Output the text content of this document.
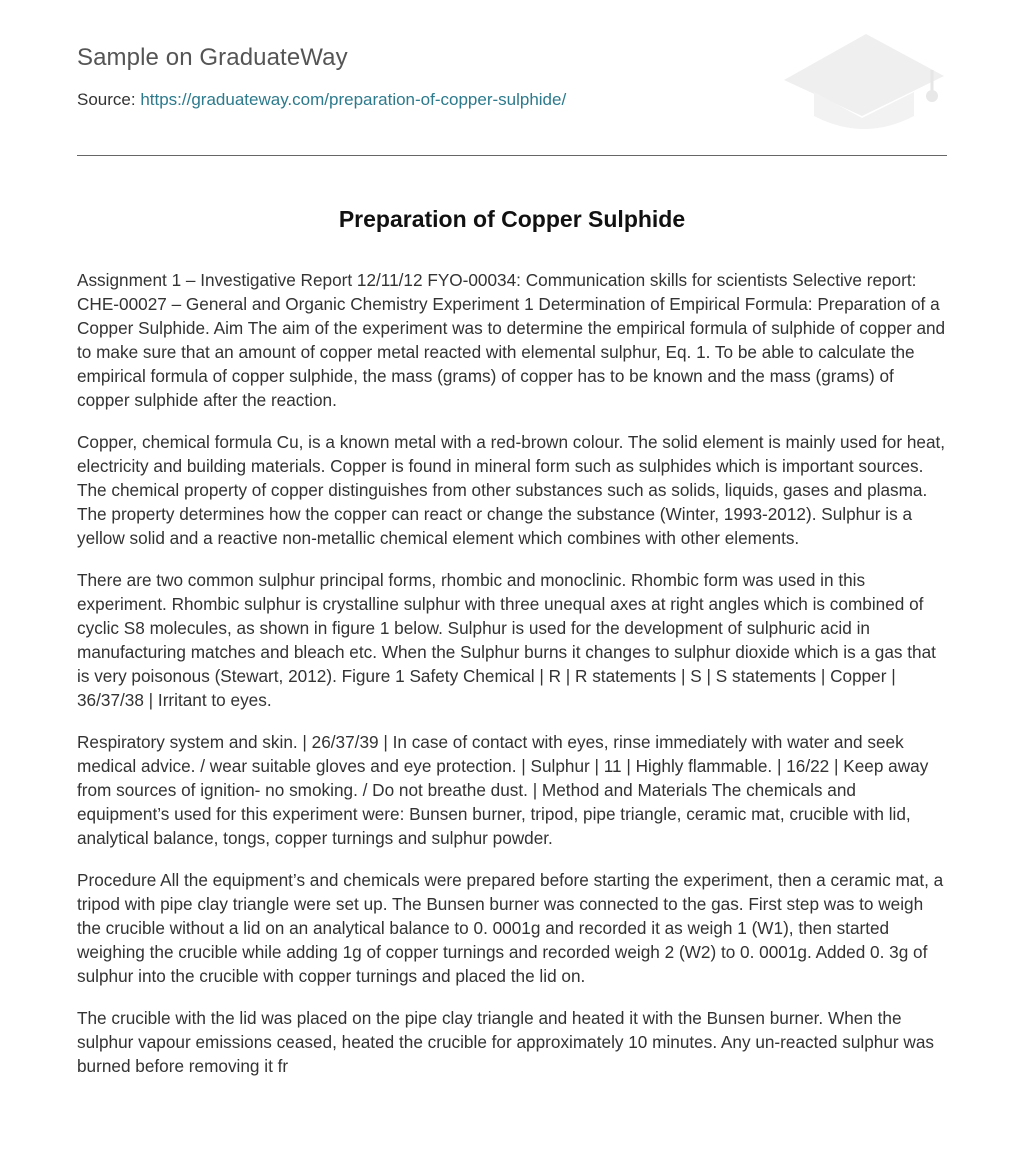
Sample on GraduateWay
Source: https://graduateway.com/preparation-of-copper-sulphide/
Preparation of Copper Sulphide

Assignment 1 – Investigative Report 12/11/12 FYO-00034: Communication skills for scientists Selective report: CHE-00027 – General and Organic Chemistry Experiment 1 Determination of Empirical Formula: Preparation of a Copper Sulphide. Aim The aim of the experiment was to determine the empirical formula of sulphide of copper and to make sure that an amount of copper metal reacted with elemental sulphur, Eq. 1. To be able to calculate the empirical formula of copper sulphide, the mass (grams) of copper has to be known and the mass (grams) of copper sulphide after the reaction.

Copper, chemical formula Cu, is a known metal with a red-brown colour. The solid element is mainly used for heat, electricity and building materials. Copper is found in mineral form such as sulphides which is important sources. The chemical property of copper distinguishes from other substances such as solids, liquids, gases and plasma. The property determines how the copper can react or change the substance (Winter, 1993-2012). Sulphur is a yellow solid and a reactive non-metallic chemical element which combines with other elements.

There are two common sulphur principal forms, rhombic and monoclinic. Rhombic form was used in this experiment. Rhombic sulphur is crystalline sulphur with three unequal axes at right angles which is combined of cyclic S8 molecules, as shown in figure 1 below. Sulphur is used for the development of sulphuric acid in manufacturing matches and bleach etc. When the Sulphur burns it changes to sulphur dioxide which is a gas that is very poisonous (Stewart, 2012). Figure 1 Safety Chemical | R | R statements | S | S statements | Copper | 36/37/38 | Irritant to eyes.

Respiratory system and skin. | 26/37/39 | In case of contact with eyes, rinse immediately with water and seek medical advice. / wear suitable gloves and eye protection. | Sulphur | 11 | Highly flammable. | 16/22 | Keep away from sources of ignition- no smoking. / Do not breathe dust. | Method and Materials The chemicals and equipment’s used for this experiment were: Bunsen burner, tripod, pipe triangle, ceramic mat, crucible with lid, analytical balance, tongs, copper turnings and sulphur powder.

Procedure All the equipment’s and chemicals were prepared before starting the experiment, then a ceramic mat, a tripod with pipe clay triangle were set up. The Bunsen burner was connected to the gas. First step was to weigh the crucible without a lid on an analytical balance to 0. 0001g and recorded it as weigh 1 (W1), then started weighing the crucible while adding 1g of copper turnings and recorded weigh 2 (W2) to 0. 0001g. Added 0. 3g of sulphur into the crucible with copper turnings and placed the lid on.

The crucible with the lid was placed on the pipe clay triangle and heated it with the Bunsen burner. When the sulphur vapour emissions ceased, heated the crucible for approximately 10 minutes. Any un-reacted sulphur was burned before removing it fr
